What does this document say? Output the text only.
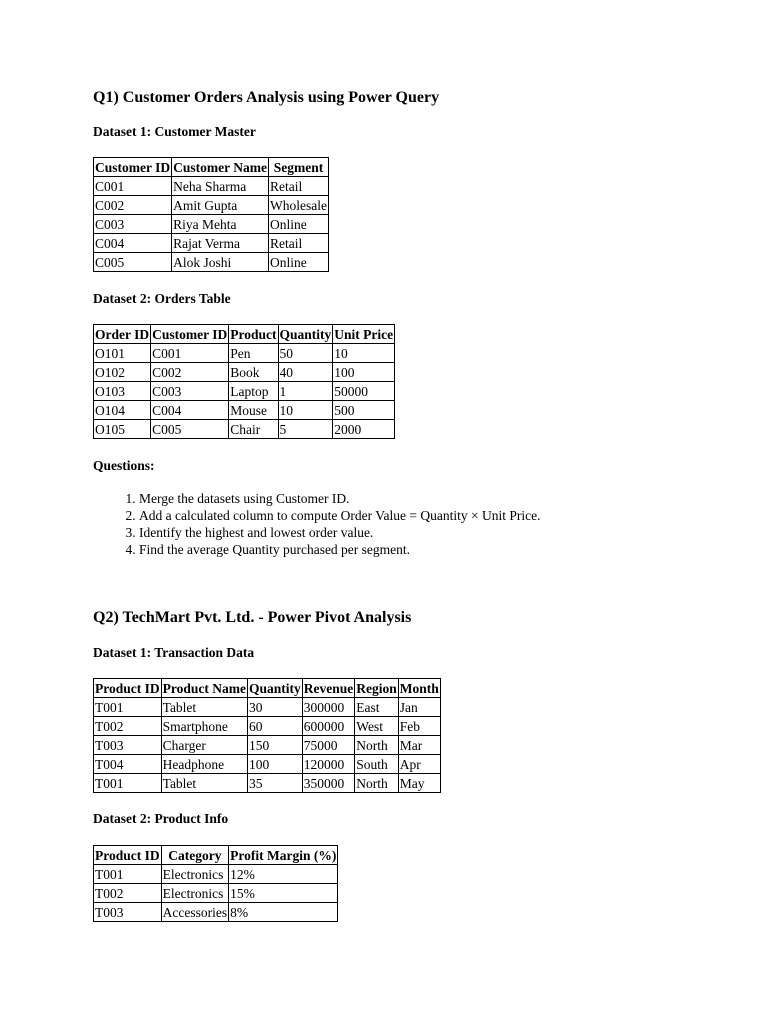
Q1) Customer Orders Analysis using Power Query

Dataset 1: Customer Master

Customer ID	Customer Name	Segment
C001	Neha Sharma	Retail
C002	Amit Gupta	Wholesale
C003	Riya Mehta	Online
C004	Rajat Verma	Retail
C005	Alok Joshi	Online

Dataset 2: Orders Table

Order ID	Customer ID	Product	Quantity	Unit Price
O101	C001	Pen	50	10
O102	C002	Book	40	100
O103	C003	Laptop	1	50000
O104	C004	Mouse	10	500
O105	C005	Chair	5	2000

Questions:

1. Merge the datasets using Customer ID.
2. Add a calculated column to compute Order Value = Quantity × Unit Price.
3. Identify the highest and lowest order value.
4. Find the average Quantity purchased per segment.
Q2) TechMart Pvt. Ltd. - Power Pivot Analysis

Dataset 1: Transaction Data

Product ID	Product Name	Quantity	Revenue	Region	Month
T001	Tablet	30	300000	East	Jan
T002	Smartphone	60	600000	West	Feb
T003	Charger	150	75000	North	Mar
T004	Headphone	100	120000	South	Apr
T001	Tablet	35	350000	North	May

Dataset 2: Product Info

Product ID	Category	Profit Margin (%)
T001	Electronics	12%
T002	Electronics	15%
T003	Accessories	8%
